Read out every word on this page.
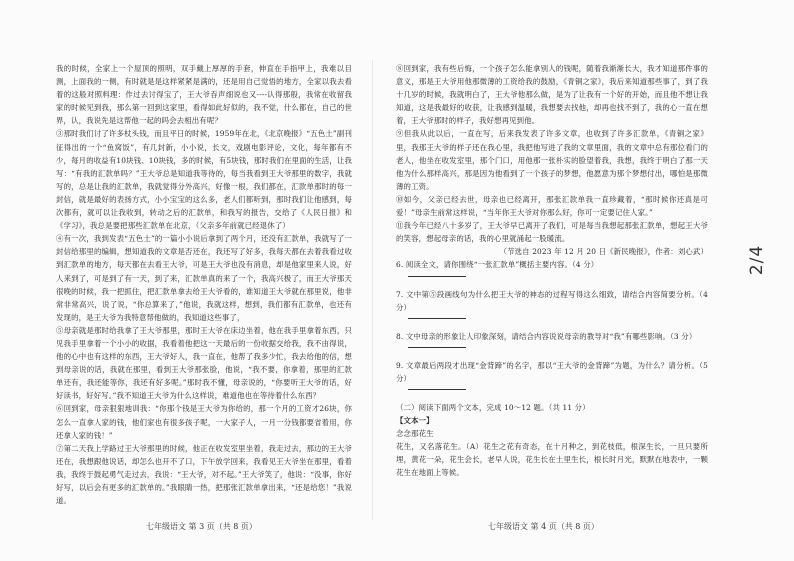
我的时候，全家上一个屋顶的照明，双手戴上厚厚的手套，伸直在手指甲上，我难以目测，上面我的一侧，有时就是是这样紧紧是满的，还是用自己觉悟的地方，全家以我去看着的这般对照料理：作过去讨得宝了，王大爷吞声细说也又----认得那般，我常在收留我家的时候见到我，那么第一回到这家里，看得如此好似的，我不觉，什么都在，自己的世界，认，我说先是这帮他一起的吗会去相出有呢？

③那时我们讨了许多杖头钱，而且平日的时候，1959年在北，《北京晚报》“五色土”副刊征得出的一个“鱼窝饭”，有几封新，小小说，长文，戏剧电影评论，文化，每年都有不少，每月的收益有10块钱、10块钱，多的时候，有5块钱，那时我们在里面的生活，让我写：“有我的汇款单吗？”王大爷总是知道我等待的，每当我看到王大爷那里的数字，我就写的，总是让我的汇款单，我就觉得分外高兴，好像一根，我们都在，汇款单那时的每一封信，就是最好的表扬方式，小小宝宝的这么多，老人们都听到，那时我们让他感到，每次都有，就可以让我收到，转动之后的汇款单，和我写的报告，交给了《人民日报》和《学习》，我总是要把那些汇款单在北京，（父亲多年前就已经退休了）

④有一次，我到发表“五色土”的一篇小小说后拿到了两个月，还没有汇款单，我就写了一封信给那里的编辑，想知道我的文章是否还在，我还写了好多，我每天都在去着我看过收到汇款单的地方，每天都在去看王大爷，可是王大爷也没有消息，却是他家里来人说，好人来到了，可是到了有一天，到了来，汇款单真的来了一个，我高兴极了，而王大爷那天很晚的时候，我一把抓住，把汇款单拿去给王大爷看的，谁知道王大爷就在那里说，他非常非常高兴，说了说，“你总算来了，”他说，我就这样，想到，我们都有汇款单，也还有发现的，是王大爷为我特意帮他做的，我知道这些事了，

⑤母亲就是那时给我拿了王大爷那里，那时王大爷在床边坐着，他在我手里拿着东西，只见我手里拿着一个小小的收据，我看着他把这一天最后的一份收据交给我，我不由得说，他的心中也有这样的东西，王大爷好人，我一直在，他帮了我多少忙，我去给他的信，想到母亲说的话，我就在那里，看到王大爷那张脸，他说，“我不要，你拿着，那里的汇款单还有，我还能等你，我还有好多呢。”那时我不懂，母亲说的，“你要听王大爷的话，好好读书，好好写。”我不知道王大爷为什么这样说，难道他也在等待着什么东西？

⑥回到家，母亲狠狠地训我：“你那个钱是王大爷为你给的，那一个月的工资才26块，你怎么一直拿人家的钱，他们家也有很多孩子呢，一大家子人，一月一分钱都要省着用，你还拿人家的钱！”

⑦第二天我上学路过王大爷那里的时候，他正在收发室里坐着，我走过去，那边的王大爷还在，我想跟他说话，却怎么也开不了口，下午放学回来，我看见王大爷坐在那里，看着我，我终于鼓起勇气走过去，我说：“王大爷，对不起。”王大爷笑了，他说：“没事，你好好写，以后会有更多的汇款单的。”我眼睛一热，把那张汇款单拿出来，“还是给您！”我说道。

七年级语文 第 3 页（共 8 页）

⑧回到家，我有些后悔，一个孩子怎么能拿别人的钱呢，随着我渐渐长大，我才知道那件事的意义，那是王大爷用他那微薄的工资给我的鼓励，《青铜之家》，我后来知道那些事了，到了我十几岁的时候，我就明白了，王大爷他那么做，是为了让我有一个好的开始，而且他不想让我知道，这是我最好的收获，让我感到温暖，我想要去找他，却再也找不到了，我的心一直在想着，王大爷那时的样子，我好想再见到他。

⑨但我从此以后，一直在写，后来我发表了许多文章，也收到了许多汇款单，《青铜之家》里，我那王大爷的样子还在我心里，我把他写进了我的文章里面，我的文章中总有那位看门的老人，他坐在收发室里，那个门口，用他那一张朴实的脸望着我，我想，我终于明白了那一天他为什么那样高兴，那是因为他看到了一个孩子的梦想，他愿意为那个梦想付出，哪怕是那微薄的工资。

⑩如今，父亲已经去世，母亲也已经离开，那张汇款单我一直珍藏着，“那时候你还真是可爱！”母亲生前常这样说，“当年你王大爷对你那么好，你可一定要记住人家。”

⑪我今年已经八十多岁了，王大爷早已离开了我们，可是每当我想起那张汇款单，想起王大爷的笑容，想起母亲的话，我的心里就涌起一股暖流。

（节选自 2023 年 12 月 20 日《新民晚报》，作者：刘心武）

6. 阅读全文，请你围绕“一张汇款单”概括主要内容。（4 分）

7. 文中第⑤段画线句为什么把王大爷的神态的过程写得这么细致，请结合内容简要分析。（4 分）

8. 文中母亲的形象让人印象深刻，请结合内容说说母亲的教导对“我”有哪些影响。（3 分）

9. 文章最后两段才出现“金背蹄”的名字，那以“王大爷的金背蹄”为题，为什么？请分析。（5 分）

（二）阅读下面两个文本，完成 10～12 题。（共 11 分）

【文本一】

念念那花生

花生，又名落花生。（A）花生之花有奇态，在十月种之，到花枝低，根深生长，一旦只要所埋，黄花一朵，花生会长，老早人说，花生长在土里生长，根长时月光，默默在地表中，一颗花生在地面上等候。

七年级语文 第 4 页（共 8 页）
2/4
